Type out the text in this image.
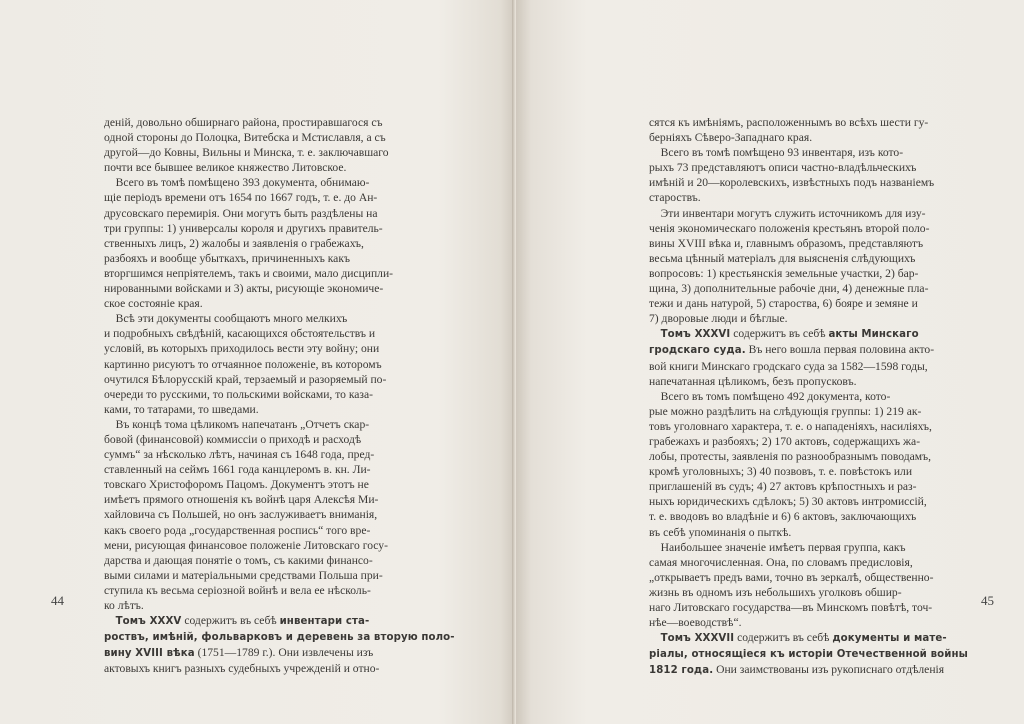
деній, довольно обширнаго района, простиравшагося съ

одной стороны до Полоцка, Витебска и Мстиславля, а съ

другой—до Ковны, Вильны и Минска, т. е. заключавшаго

почти все бывшее великое княжество Литовское.

Всего въ томѣ помѣщено 393 документа, обнимаю-

щіе періодъ времени отъ 1654 по 1667 годъ, т. е. до Ан-

друсовскаго перемирія. Они могутъ быть раздѣлены на

три группы: 1) универсалы короля и другихъ правитель-

ственныхъ лицъ, 2) жалобы и заявленія о грабежахъ,

разбояхъ и вообще убыткахъ, причиненныхъ какъ

вторгшимся непріятелемъ, такъ и своими, мало дисципли-

нированными войсками и 3) акты, рисующіе экономиче-

ское состояніе края.

Всѣ эти документы сообщаютъ много мелкихъ

и подробныхъ свѣдѣній, касающихся обстоятельствъ и

условій, въ которыхъ приходилось вести эту войну; они

картинно рисуютъ то отчаянное положеніе, въ которомъ

очутился Бѣлорусскій край, терзаемый и разоряемый по-

очереди то русскими, то польскими войсками, то каза-

ками, то татарами, то шведами.

Въ концѣ тома цѣликомъ напечатанъ „Отчетъ скар-

бовой (финансовой) коммиссіи о приходѣ и расходѣ

суммъ“ за нѣсколько лѣтъ, начиная съ 1648 года, пред-

ставленный на сеймъ 1661 года канцлеромъ в. кн. Ли-

товскаго Христофоромъ Пацомъ. Документъ этотъ не

имѣетъ прямого отношенія къ войнѣ царя Алексѣя Ми-

хайловича съ Польшей, но онъ заслуживаетъ вниманія,

какъ своего рода „государственная роспись“ того вре-

мени, рисующая финансовое положеніе Литовскаго госу-

дарства и дающая понятіе о томъ, съ какими финансо-

выми силами и матеріальными средствами Польша при-

ступила къ весьма серіозной войнѣ и вела ее нѣсколь-

ко лѣтъ.

Томъ XXXV содержитъ въ себѣ инвентари ста-

роствъ, имѣній, фольварковъ и деревень за вторую поло-

вину XVIII вѣка (1751—1789 г.). Они извлечены изъ

актовыхъ книгъ разныхъ судебныхъ учрежденій и отно-

44

сятся къ имѣніямъ, расположеннымъ во всѣхъ шести гу-

берніяхъ Сѣверо-Западнаго края.

Всего въ томѣ помѣщено 93 инвентаря, изъ кото-

рыхъ 73 представляютъ описи частно-владѣльческихъ

имѣній и 20—королевскихъ, извѣстныхъ подъ названіемъ

староствъ.

Эти инвентари могутъ служить источникомъ для изу-

ченія экономическаго положенія крестьянъ второй поло-

вины XVIII вѣка и, главнымъ образомъ, представляютъ

весьма цѣнный матеріалъ для выясненія слѣдующихъ

вопросовъ: 1) крестьянскія земельные участки, 2) бар-

щина, 3) дополнительные рабочіе дни, 4) денежные пла-

тежи и дань натурой, 5) староства, 6) бояре и земяне и

7) дворовые люди и бѣглые.

Томъ XXXVI содержитъ въ себѣ акты Минскаго

гродскаго суда. Въ него вошла первая половина акто-

вой книги Минскаго гродскаго суда за 1582—1598 годы,

напечатанная цѣликомъ, безъ пропусковъ.

Всего въ томъ помѣщено 492 документа, кото-

рые можно раздѣлить на слѣдующія группы: 1) 219 ак-

товъ уголовнаго характера, т. е. о нападеніяхъ, насиліяхъ,

грабежахъ и разбояхъ; 2) 170 актовъ, содержащихъ жа-

лобы, протесты, заявленія по разнообразнымъ поводамъ,

кромѣ уголовныхъ; 3) 40 позвовъ, т. е. повѣстокъ или

приглашеній въ судъ; 4) 27 актовъ крѣпостныхъ и раз-

ныхъ юридическихъ сдѣлокъ; 5) 30 актовъ интромиссій,

т. е. вводовъ во владѣніе и 6) 6 актовъ, заключающихъ

въ себѣ упоминанія о пыткѣ.

Наибольшее значеніе имѣетъ первая группа, какъ

самая многочисленная. Она, по словамъ предисловія,

„открываетъ предъ вами, точно въ зеркалѣ, общественно-

жизнь въ одномъ изъ небольшихъ уголковъ обшир-

наго Литовскаго государства—въ Минскомъ повѣтѣ, точ-

нѣе—воеводствѣ“.

Томъ XXXVII содержитъ въ себѣ документы и мате-

ріалы, относящіеся къ исторіи Отечественной войны

1812 года. Они заимствованы изъ рукописнаго отдѣленія

45
